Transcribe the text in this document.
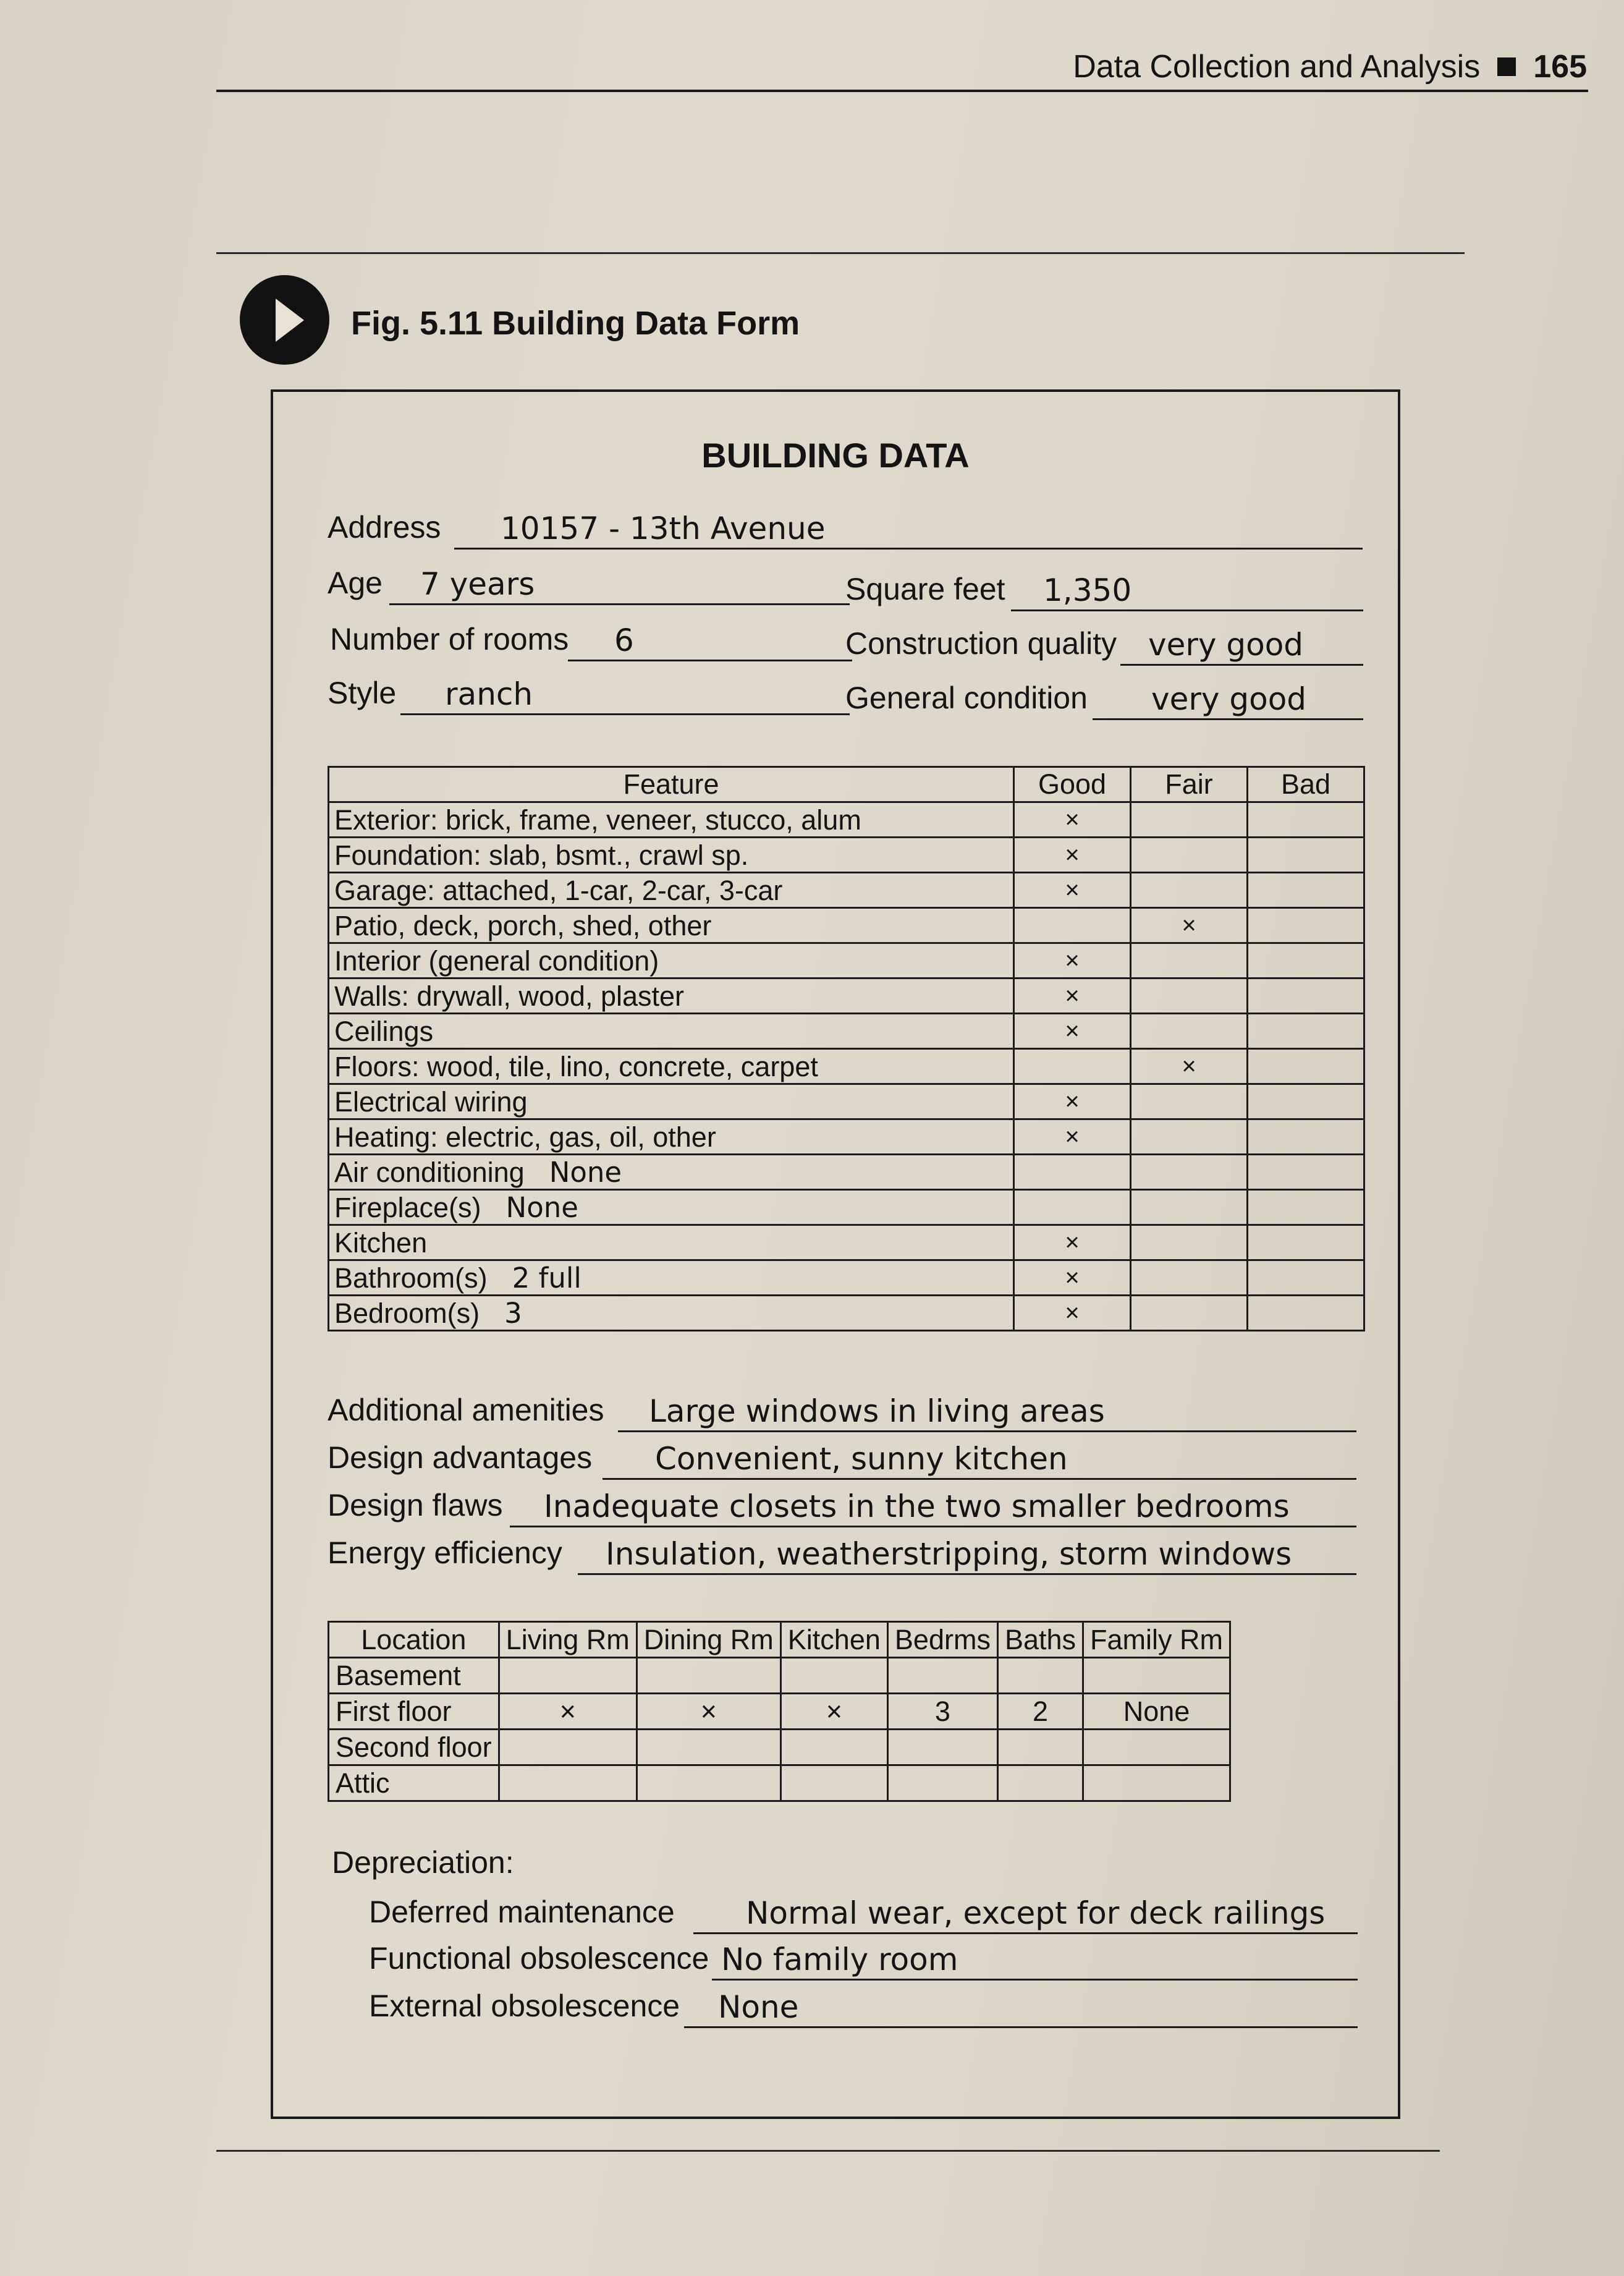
Data Collection and Analysis 165
Fig. 5.11 Building Data Form
BUILDING DATA
Address 10157 - 13th Avenue
Age 7 years
Number of rooms 6
Style ranch
Square feet 1,350
Construction quality very good
General condition very good
Feature	Good	Fair	Bad
Exterior: brick, frame, veneer, stucco, alum	×		
Foundation: slab, bsmt., crawl sp.	×		
Garage: attached, 1-car, 2-car, 3-car	×		
Patio, deck, porch, shed, other		×	
Interior (general condition)	×		
Walls: drywall, wood, plaster	×		
Ceilings	×		
Floors: wood, tile, lino, concrete, carpet		×	
Electrical wiring	×		
Heating: electric, gas, oil, other	×		
Air conditioning None			
Fireplace(s) None			
Kitchen	×		
Bathroom(s) 2 full	×		
Bedroom(s) 3	×		
Additional amenities Large windows in living areas
Design advantages Convenient, sunny kitchen
Design flaws Inadequate closets in the two smaller bedrooms
Energy efficiency Insulation, weatherstripping, storm windows
Location	Living Rm	Dining Rm	Kitchen	Bedrms	Baths	Family Rm
Basement						
First floor	×	×	×	3	2	None
Second floor						
Attic						
Depreciation:
Deferred maintenance Normal wear, except for deck railings
Functional obsolescence No family room
External obsolescence None
